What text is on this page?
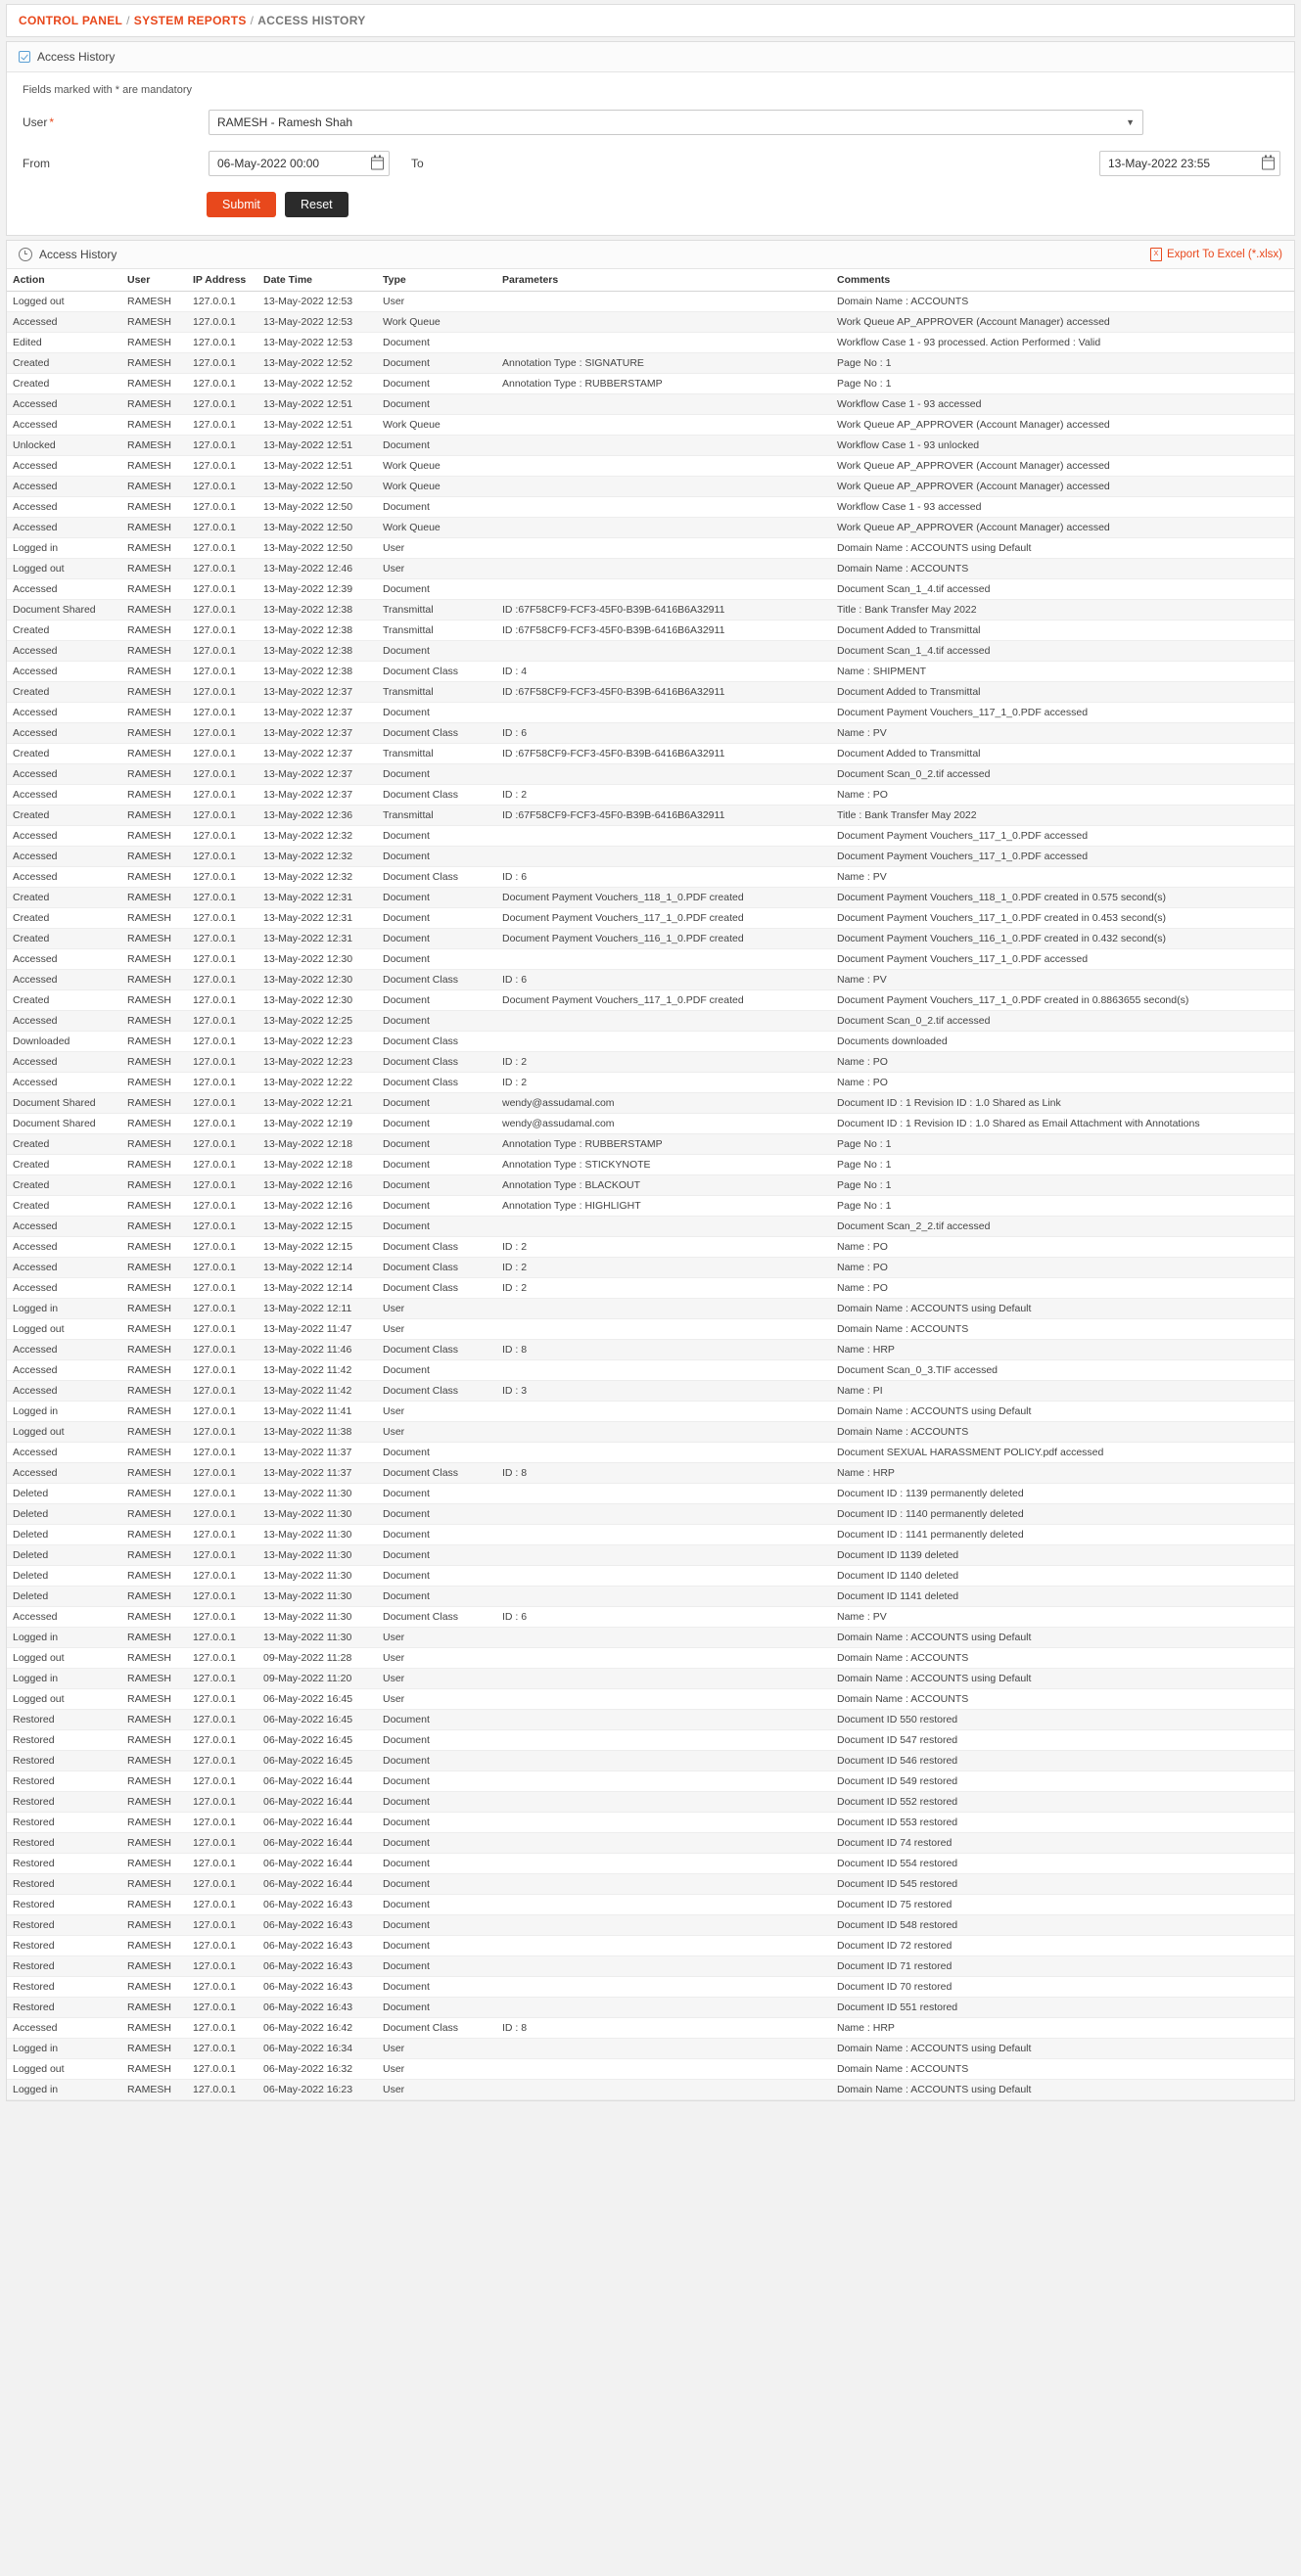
CONTROL PANEL / SYSTEM REPORTS / ACCESS HISTORY
Access History
Fields marked with * are mandatory
User *
RAMESH - Ramesh Shah	▼
From
06-May-2022 00:00	To
13-May-2022 23:55
Submit	Reset
Access History	X Export To Excel (*.xlsx)
Action	User	IP Address	Date Time	Type	Parameters	Comments
Logged out	RAMESH	127.0.0.1	13-May-2022 12:53	User		Domain Name : ACCOUNTS
Accessed	RAMESH	127.0.0.1	13-May-2022 12:53	Work Queue		Work Queue AP_APPROVER (Account Manager) accessed
Edited	RAMESH	127.0.0.1	13-May-2022 12:53	Document		Workflow Case 1 - 93 processed. Action Performed : Valid
Created	RAMESH	127.0.0.1	13-May-2022 12:52	Document	Annotation Type : SIGNATURE	Page No : 1
Created	RAMESH	127.0.0.1	13-May-2022 12:52	Document	Annotation Type : RUBBERSTAMP	Page No : 1
Accessed	RAMESH	127.0.0.1	13-May-2022 12:51	Document		Workflow Case 1 - 93 accessed
Accessed	RAMESH	127.0.0.1	13-May-2022 12:51	Work Queue		Work Queue AP_APPROVER (Account Manager) accessed
Unlocked	RAMESH	127.0.0.1	13-May-2022 12:51	Document		Workflow Case 1 - 93 unlocked
Accessed	RAMESH	127.0.0.1	13-May-2022 12:51	Work Queue		Work Queue AP_APPROVER (Account Manager) accessed
Accessed	RAMESH	127.0.0.1	13-May-2022 12:50	Work Queue		Work Queue AP_APPROVER (Account Manager) accessed
Accessed	RAMESH	127.0.0.1	13-May-2022 12:50	Document		Workflow Case 1 - 93 accessed
Accessed	RAMESH	127.0.0.1	13-May-2022 12:50	Work Queue		Work Queue AP_APPROVER (Account Manager) accessed
Logged in	RAMESH	127.0.0.1	13-May-2022 12:50	User		Domain Name : ACCOUNTS using Default
Logged out	RAMESH	127.0.0.1	13-May-2022 12:46	User		Domain Name : ACCOUNTS
Accessed	RAMESH	127.0.0.1	13-May-2022 12:39	Document		Document Scan_1_4.tif accessed
Document Shared	RAMESH	127.0.0.1	13-May-2022 12:38	Transmittal	ID :67F58CF9-FCF3-45F0-B39B-6416B6A32911	Title : Bank Transfer May 2022
Created	RAMESH	127.0.0.1	13-May-2022 12:38	Transmittal	ID :67F58CF9-FCF3-45F0-B39B-6416B6A32911	Document Added to Transmittal
Accessed	RAMESH	127.0.0.1	13-May-2022 12:38	Document		Document Scan_1_4.tif accessed
Accessed	RAMESH	127.0.0.1	13-May-2022 12:38	Document Class	ID : 4	Name : SHIPMENT
Created	RAMESH	127.0.0.1	13-May-2022 12:37	Transmittal	ID :67F58CF9-FCF3-45F0-B39B-6416B6A32911	Document Added to Transmittal
Accessed	RAMESH	127.0.0.1	13-May-2022 12:37	Document		Document Payment Vouchers_117_1_0.PDF accessed
Accessed	RAMESH	127.0.0.1	13-May-2022 12:37	Document Class	ID : 6	Name : PV
Created	RAMESH	127.0.0.1	13-May-2022 12:37	Transmittal	ID :67F58CF9-FCF3-45F0-B39B-6416B6A32911	Document Added to Transmittal
Accessed	RAMESH	127.0.0.1	13-May-2022 12:37	Document		Document Scan_0_2.tif accessed
Accessed	RAMESH	127.0.0.1	13-May-2022 12:37	Document Class	ID : 2	Name : PO
Created	RAMESH	127.0.0.1	13-May-2022 12:36	Transmittal	ID :67F58CF9-FCF3-45F0-B39B-6416B6A32911	Title : Bank Transfer May 2022
Accessed	RAMESH	127.0.0.1	13-May-2022 12:32	Document		Document Payment Vouchers_117_1_0.PDF accessed
Accessed	RAMESH	127.0.0.1	13-May-2022 12:32	Document		Document Payment Vouchers_117_1_0.PDF accessed
Accessed	RAMESH	127.0.0.1	13-May-2022 12:32	Document Class	ID : 6	Name : PV
Created	RAMESH	127.0.0.1	13-May-2022 12:31	Document	Document Payment Vouchers_118_1_0.PDF created	Document Payment Vouchers_118_1_0.PDF created in 0.575 second(s)
Created	RAMESH	127.0.0.1	13-May-2022 12:31	Document	Document Payment Vouchers_117_1_0.PDF created	Document Payment Vouchers_117_1_0.PDF created in 0.453 second(s)
Created	RAMESH	127.0.0.1	13-May-2022 12:31	Document	Document Payment Vouchers_116_1_0.PDF created	Document Payment Vouchers_116_1_0.PDF created in 0.432 second(s)
Accessed	RAMESH	127.0.0.1	13-May-2022 12:30	Document		Document Payment Vouchers_117_1_0.PDF accessed
Accessed	RAMESH	127.0.0.1	13-May-2022 12:30	Document Class	ID : 6	Name : PV
Created	RAMESH	127.0.0.1	13-May-2022 12:30	Document	Document Payment Vouchers_117_1_0.PDF created	Document Payment Vouchers_117_1_0.PDF created in 0.8863655 second(s)
Accessed	RAMESH	127.0.0.1	13-May-2022 12:25	Document		Document Scan_0_2.tif accessed
Downloaded	RAMESH	127.0.0.1	13-May-2022 12:23	Document Class		Documents downloaded
Accessed	RAMESH	127.0.0.1	13-May-2022 12:23	Document Class	ID : 2	Name : PO
Accessed	RAMESH	127.0.0.1	13-May-2022 12:22	Document Class	ID : 2	Name : PO
Document Shared	RAMESH	127.0.0.1	13-May-2022 12:21	Document	wendy@assudamal.com	Document ID : 1 Revision ID : 1.0 Shared as Link
Document Shared	RAMESH	127.0.0.1	13-May-2022 12:19	Document	wendy@assudamal.com	Document ID : 1 Revision ID : 1.0 Shared as Email Attachment with Annotations
Created	RAMESH	127.0.0.1	13-May-2022 12:18	Document	Annotation Type : RUBBERSTAMP	Page No : 1
Created	RAMESH	127.0.0.1	13-May-2022 12:18	Document	Annotation Type : STICKYNOTE	Page No : 1
Created	RAMESH	127.0.0.1	13-May-2022 12:16	Document	Annotation Type : BLACKOUT	Page No : 1
Created	RAMESH	127.0.0.1	13-May-2022 12:16	Document	Annotation Type : HIGHLIGHT	Page No : 1
Accessed	RAMESH	127.0.0.1	13-May-2022 12:15	Document		Document Scan_2_2.tif accessed
Accessed	RAMESH	127.0.0.1	13-May-2022 12:15	Document Class	ID : 2	Name : PO
Accessed	RAMESH	127.0.0.1	13-May-2022 12:14	Document Class	ID : 2	Name : PO
Accessed	RAMESH	127.0.0.1	13-May-2022 12:14	Document Class	ID : 2	Name : PO
Logged in	RAMESH	127.0.0.1	13-May-2022 12:11	User		Domain Name : ACCOUNTS using Default
Logged out	RAMESH	127.0.0.1	13-May-2022 11:47	User		Domain Name : ACCOUNTS
Accessed	RAMESH	127.0.0.1	13-May-2022 11:46	Document Class	ID : 8	Name : HRP
Accessed	RAMESH	127.0.0.1	13-May-2022 11:42	Document		Document Scan_0_3.TIF accessed
Accessed	RAMESH	127.0.0.1	13-May-2022 11:42	Document Class	ID : 3	Name : PI
Logged in	RAMESH	127.0.0.1	13-May-2022 11:41	User		Domain Name : ACCOUNTS using Default
Logged out	RAMESH	127.0.0.1	13-May-2022 11:38	User		Domain Name : ACCOUNTS
Accessed	RAMESH	127.0.0.1	13-May-2022 11:37	Document		Document SEXUAL HARASSMENT POLICY.pdf accessed
Accessed	RAMESH	127.0.0.1	13-May-2022 11:37	Document Class	ID : 8	Name : HRP
Deleted	RAMESH	127.0.0.1	13-May-2022 11:30	Document		Document ID : 1139 permanently deleted
Deleted	RAMESH	127.0.0.1	13-May-2022 11:30	Document		Document ID : 1140 permanently deleted
Deleted	RAMESH	127.0.0.1	13-May-2022 11:30	Document		Document ID : 1141 permanently deleted
Deleted	RAMESH	127.0.0.1	13-May-2022 11:30	Document		Document ID 1139 deleted
Deleted	RAMESH	127.0.0.1	13-May-2022 11:30	Document		Document ID 1140 deleted
Deleted	RAMESH	127.0.0.1	13-May-2022 11:30	Document		Document ID 1141 deleted
Accessed	RAMESH	127.0.0.1	13-May-2022 11:30	Document Class	ID : 6	Name : PV
Logged in	RAMESH	127.0.0.1	13-May-2022 11:30	User		Domain Name : ACCOUNTS using Default
Logged out	RAMESH	127.0.0.1	09-May-2022 11:28	User		Domain Name : ACCOUNTS
Logged in	RAMESH	127.0.0.1	09-May-2022 11:20	User		Domain Name : ACCOUNTS using Default
Logged out	RAMESH	127.0.0.1	06-May-2022 16:45	User		Domain Name : ACCOUNTS
Restored	RAMESH	127.0.0.1	06-May-2022 16:45	Document		Document ID 550 restored
Restored	RAMESH	127.0.0.1	06-May-2022 16:45	Document		Document ID 547 restored
Restored	RAMESH	127.0.0.1	06-May-2022 16:45	Document		Document ID 546 restored
Restored	RAMESH	127.0.0.1	06-May-2022 16:44	Document		Document ID 549 restored
Restored	RAMESH	127.0.0.1	06-May-2022 16:44	Document		Document ID 552 restored
Restored	RAMESH	127.0.0.1	06-May-2022 16:44	Document		Document ID 553 restored
Restored	RAMESH	127.0.0.1	06-May-2022 16:44	Document		Document ID 74 restored
Restored	RAMESH	127.0.0.1	06-May-2022 16:44	Document		Document ID 554 restored
Restored	RAMESH	127.0.0.1	06-May-2022 16:44	Document		Document ID 545 restored
Restored	RAMESH	127.0.0.1	06-May-2022 16:43	Document		Document ID 75 restored
Restored	RAMESH	127.0.0.1	06-May-2022 16:43	Document		Document ID 548 restored
Restored	RAMESH	127.0.0.1	06-May-2022 16:43	Document		Document ID 72 restored
Restored	RAMESH	127.0.0.1	06-May-2022 16:43	Document		Document ID 71 restored
Restored	RAMESH	127.0.0.1	06-May-2022 16:43	Document		Document ID 70 restored
Restored	RAMESH	127.0.0.1	06-May-2022 16:43	Document		Document ID 551 restored
Accessed	RAMESH	127.0.0.1	06-May-2022 16:42	Document Class	ID : 8	Name : HRP
Logged in	RAMESH	127.0.0.1	06-May-2022 16:34	User		Domain Name : ACCOUNTS using Default
Logged out	RAMESH	127.0.0.1	06-May-2022 16:32	User		Domain Name : ACCOUNTS
Logged in	RAMESH	127.0.0.1	06-May-2022 16:23	User		Domain Name : ACCOUNTS using Default
